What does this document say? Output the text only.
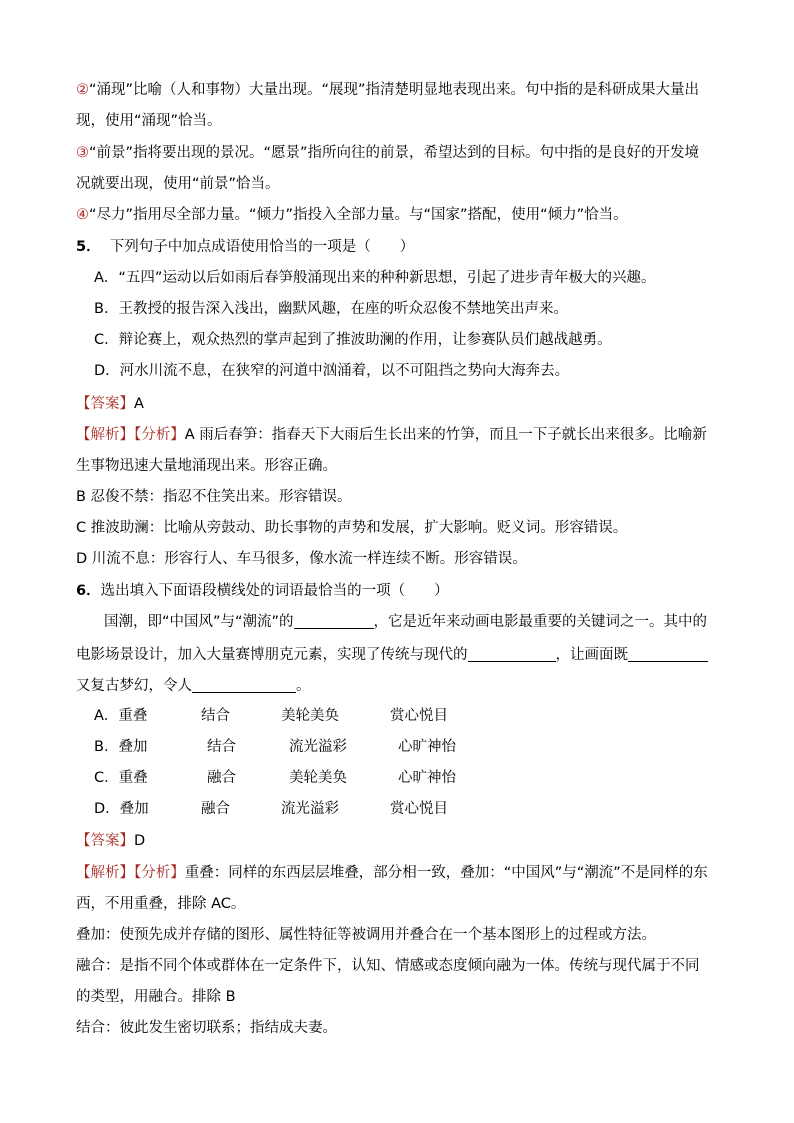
②“涌现”比喻（人和事物）大量出现。“展现”指清楚明显地表现出来。句中指的是科研成果大量出
现，使用“涌现”恰当。
③“前景”指将要出现的景况。“愿景”指所向往的前景，希望达到的目标。句中指的是良好的开发境
况就要出现，使用“前景”恰当。
④“尽力”指用尽全部力量。“倾力”指投入全部力量。与“国家”搭配，使用“倾力”恰当。
5． 下列句子中加点成语使用恰当的一项是（　　）
A．“五四”运动以后如雨后春笋般涌现出来的种种新思想，引起了进步青年极大的兴趣。
B．王教授的报告深入浅出，幽默风趣，在座的听众忍俊不禁地笑出声来。
C．辩论赛上，观众热烈的掌声起到了推波助澜的作用，让参赛队员们越战越勇。
D．河水川流不息，在狭窄的河道中汹涌着，以不可阻挡之势向大海奔去。
【答案】A
【解析】【分析】A 雨后春笋：指春天下大雨后生长出来的竹笋，而且一下子就长出来很多。比喻新
生事物迅速大量地涌现出来。形容正确。
B 忍俊不禁：指忍不住笑出来。形容错误。
C 推波助澜：比喻从旁鼓动、助长事物的声势和发展，扩大影响。贬义词。形容错误。
D 川流不息：形容行人、车马很多，像水流一样连续不断。形容错误。
6．选出填入下面语段横线处的词语最恰当的一项（　　）
国潮，即“中国风”与“潮流”的	，它是近年来动画电影最重要的关键词之一。其中的
电影场景设计，加入大量赛博朋克元素，实现了传统与现代的	，让画面既
又复古梦幻，令人	。
A．重叠	结合	美轮美奂	赏心悦目
B．叠加	结合	流光溢彩	心旷神怡
C．重叠	融合	美轮美奂	心旷神怡
D．叠加	融合	流光溢彩	赏心悦目
【答案】D
【解析】【分析】重叠：同样的东西层层堆叠，部分相一致，叠加：“中国风”与“潮流”不是同样的东
西，不用重叠，排除 AC。
叠加：使预先成并存储的图形、属性特征等被调用并叠合在一个基本图形上的过程或方法。
融合：是指不同个体或群体在一定条件下，认知、情感或态度倾向融为一体。传统与现代属于不同
的类型，用融合。排除 B
结合：彼此发生密切联系；指结成夫妻。
